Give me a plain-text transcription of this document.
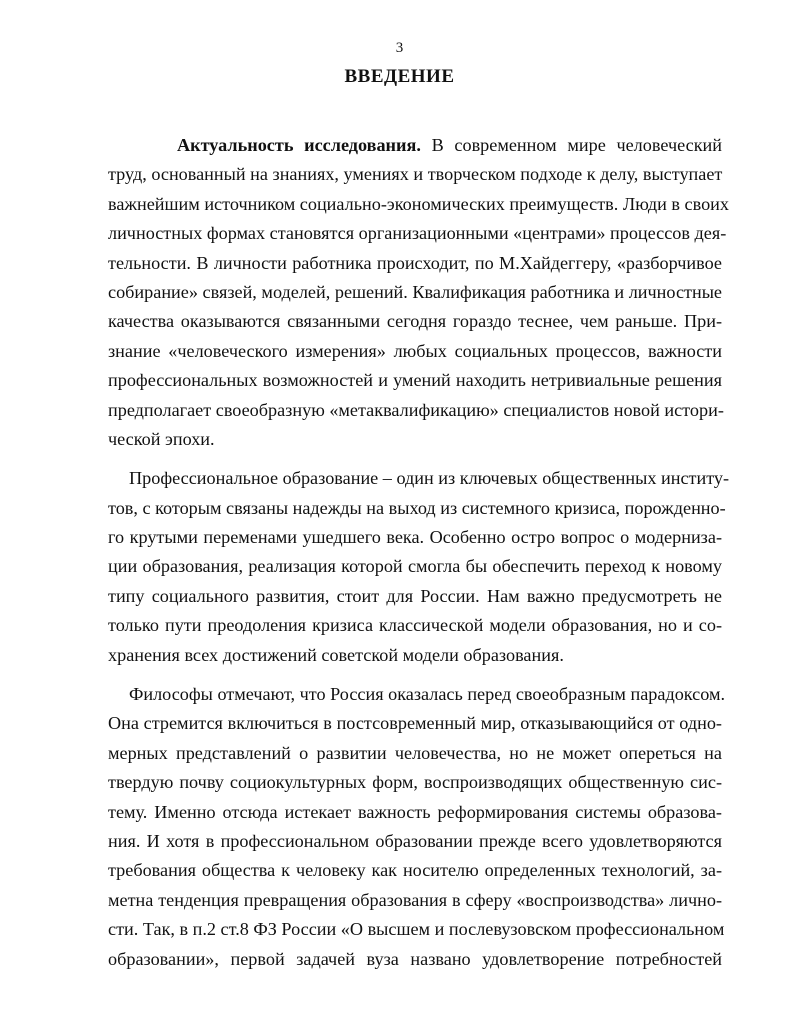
3
ВВЕДЕНИЕ
Актуальность исследования. В современном мире человеческий
труд, основанный на знаниях, умениях и творческом подходе к делу, выступает
важнейшим источником социально-экономических преимуществ. Люди в своих
личностных формах становятся организационными «центрами» процессов дея-
тельности. В личности работника происходит, по М.Хайдеггеру, «разборчивое
собирание» связей, моделей, решений. Квалификация работника и личностные
качества оказываются связанными сегодня гораздо теснее, чем раньше. При-
знание «человеческого измерения» любых социальных процессов, важности
профессиональных возможностей и умений находить нетривиальные решения
предполагает своеобразную «метаквалификацию» специалистов новой истори-
ческой эпохи.
Профессиональное образование – один из ключевых общественных институ-
тов, с которым связаны надежды на выход из системного кризиса, порожденно-
го крутыми переменами ушедшего века. Особенно остро вопрос о модерниза-
ции образования, реализация которой смогла бы обеспечить переход к новому
типу социального развития, стоит для России. Нам важно предусмотреть не
только пути преодоления кризиса классической модели образования, но и со-
хранения всех достижений советской модели образования.
Философы отмечают, что Россия оказалась перед своеобразным парадоксом.
Она стремится включиться в постсовременный мир, отказывающийся от одно-
мерных представлений о развитии человечества, но не может опереться на
твердую почву социокультурных форм, воспроизводящих общественную сис-
тему. Именно отсюда истекает важность реформирования системы образова-
ния. И хотя в профессиональном образовании прежде всего удовлетворяются
требования общества к человеку как носителю определенных технологий, за-
метна тенденция превращения образования в сферу «воспроизводства» лично-
сти. Так, в п.2 ст.8 ФЗ России «О высшем и послевузовском профессиональном
образовании», первой задачей вуза названо удовлетворение потребностей
